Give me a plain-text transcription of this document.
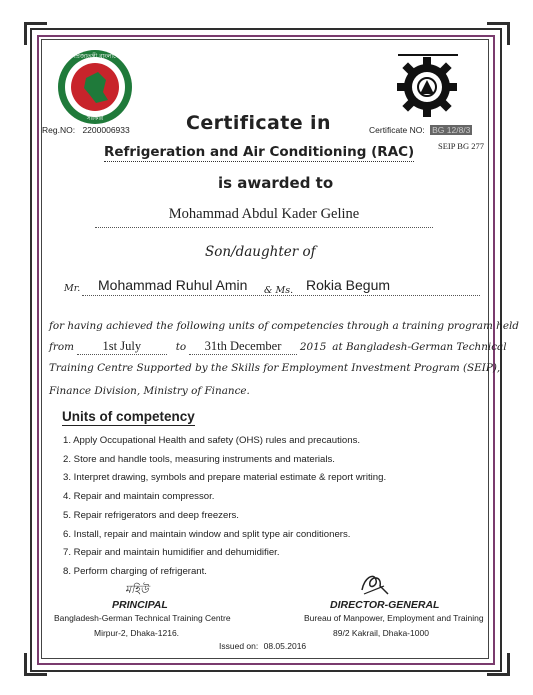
গণপ্রজাতন্ত্রী বাংলাদেশ
সরকার
Reg.NO: 2200006933	Certificate in	Certificate NO: BG 12/8/3
SEIP BG 277
Refrigeration and Air Conditioning (RAC)
is awarded to
Mohammad Abdul Kader Geline
Son/daughter of
Mr. Mohammad Ruhul Amin & Ms. Rokia Begum
for having achieved the following units of competencies through a training program held
from 1st July	to 31th December 2015 at Bangladesh-German Technical
Training Centre Supported by the Skills for Employment Investment Program (SEIP),
Finance Division, Ministry of Finance.
Units of competency
1. Apply Occupational Health and safety (OHS) rules and precautions.
2. Store and handle tools, measuring instruments and materials.
3. Interpret drawing, symbols and prepare material estimate & report writing.
4. Repair and maintain compressor.
5. Repair refrigerators and deep freezers.
6. Install, repair and maintain window and split type air conditioners.
7. Repair and maintain humidifier and dehumidifier.
8. Perform charging of refrigerant.
মহিউ
PRINCIPAL
Bangladesh-German Technical Training Centre
Mirpur-2, Dhaka-1216.
DIRECTOR-GENERAL
Bureau of Manpower, Employment and Training
89/2 Kakrail, Dhaka-1000
Issued on: 08.05.2016
